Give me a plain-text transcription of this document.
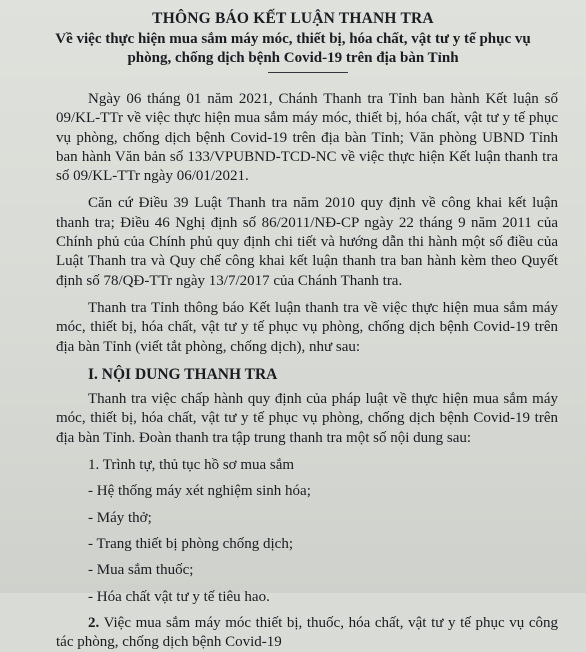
THÔNG BÁO KẾT LUẬN THANH TRA
Về việc thực hiện mua sắm máy móc, thiết bị, hóa chất, vật tư y tế phục vụ phòng, chống dịch bệnh Covid-19 trên địa bàn Tỉnh

Ngày 06 tháng 01 năm 2021, Chánh Thanh tra Tỉnh ban hành Kết luận số 09/KL-TTr về việc thực hiện mua sắm máy móc, thiết bị, hóa chất, vật tư y tế phục vụ phòng, chống dịch bệnh Covid-19 trên địa bàn Tỉnh; Văn phòng UBND Tỉnh ban hành Văn bản số 133/VPUBND-TCD-NC về việc thực hiện Kết luận thanh tra số 09/KL-TTr ngày 06/01/2021.

Căn cứ Điều 39 Luật Thanh tra năm 2010 quy định về công khai kết luận thanh tra; Điều 46 Nghị định số 86/2011/NĐ-CP ngày 22 tháng 9 năm 2011 của Chính phủ của Chính phủ quy định chi tiết và hướng dẫn thi hành một số điều của Luật Thanh tra và Quy chế công khai kết luận thanh tra ban hành kèm theo Quyết định số 78/QĐ-TTr ngày 13/7/2017 của Chánh Thanh tra.

Thanh tra Tỉnh thông báo Kết luận thanh tra về việc thực hiện mua sắm máy móc, thiết bị, hóa chất, vật tư y tế phục vụ phòng, chống dịch bệnh Covid-19 trên địa bàn Tỉnh (viết tắt phòng, chống dịch), như sau:

I. NỘI DUNG THANH TRA

Thanh tra việc chấp hành quy định của pháp luật về thực hiện mua sắm máy móc, thiết bị, hóa chất, vật tư y tế phục vụ phòng, chống dịch bệnh Covid-19 trên địa bàn Tỉnh. Đoàn thanh tra tập trung thanh tra một số nội dung sau:

1. Trình tự, thủ tục hồ sơ mua sắm

- Hệ thống máy xét nghiệm sinh hóa;

- Máy thở;

- Trang thiết bị phòng chống dịch;

- Mua sắm thuốc;

- Hóa chất vật tư y tế tiêu hao.

2. Việc mua sắm máy móc thiết bị, thuốc, hóa chất, vật tư y tế phục vụ công tác phòng, chống dịch bệnh Covid-19
